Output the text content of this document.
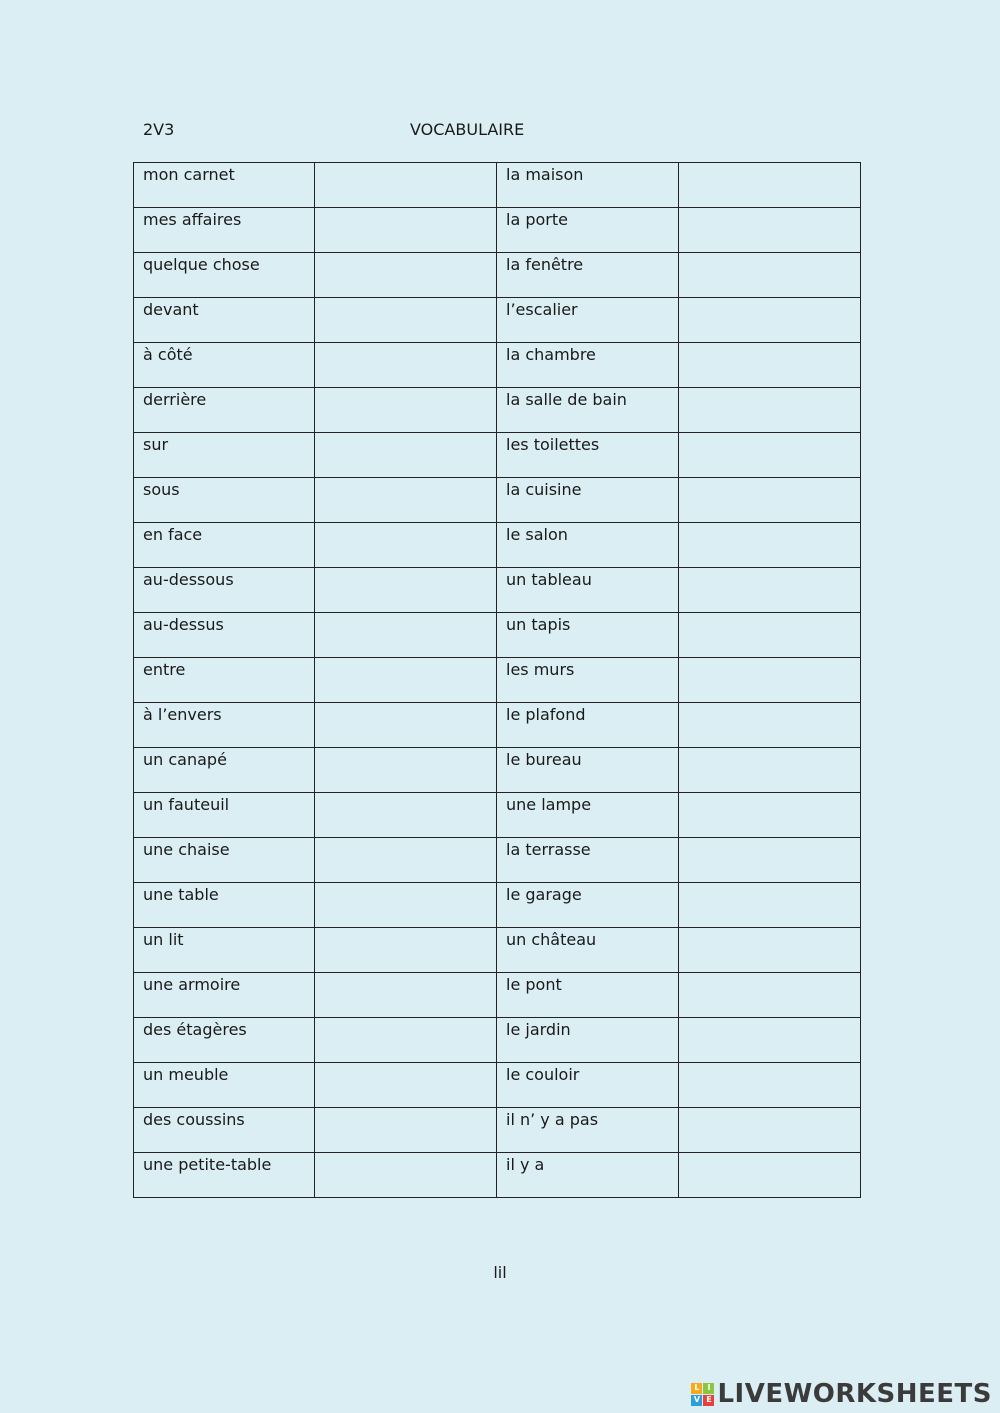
2V3	VOCABULAIRE
mon carnet		la maison	

mes affaires		la porte	

quelque chose		la fenêtre	

devant		l’escalier	

à côté		la chambre	

derrière		la salle de bain	

sur		les toilettes	

sous		la cuisine	

en face		le salon	

au-dessous		un tableau	

au-dessus		un tapis	

entre		les murs	

à l’envers		le plafond	

un canapé		le bureau	

un fauteuil		une lampe	

une chaise		la terrasse	

une table		le garage	

un lit		un château	

une armoire		le pont	

des étagères		le jardin	

un meuble		le couloir	

des coussins		il n’ y a pas	

une petite-table		il y a	

lil
L I
V E LIVEWORKSHEETS
